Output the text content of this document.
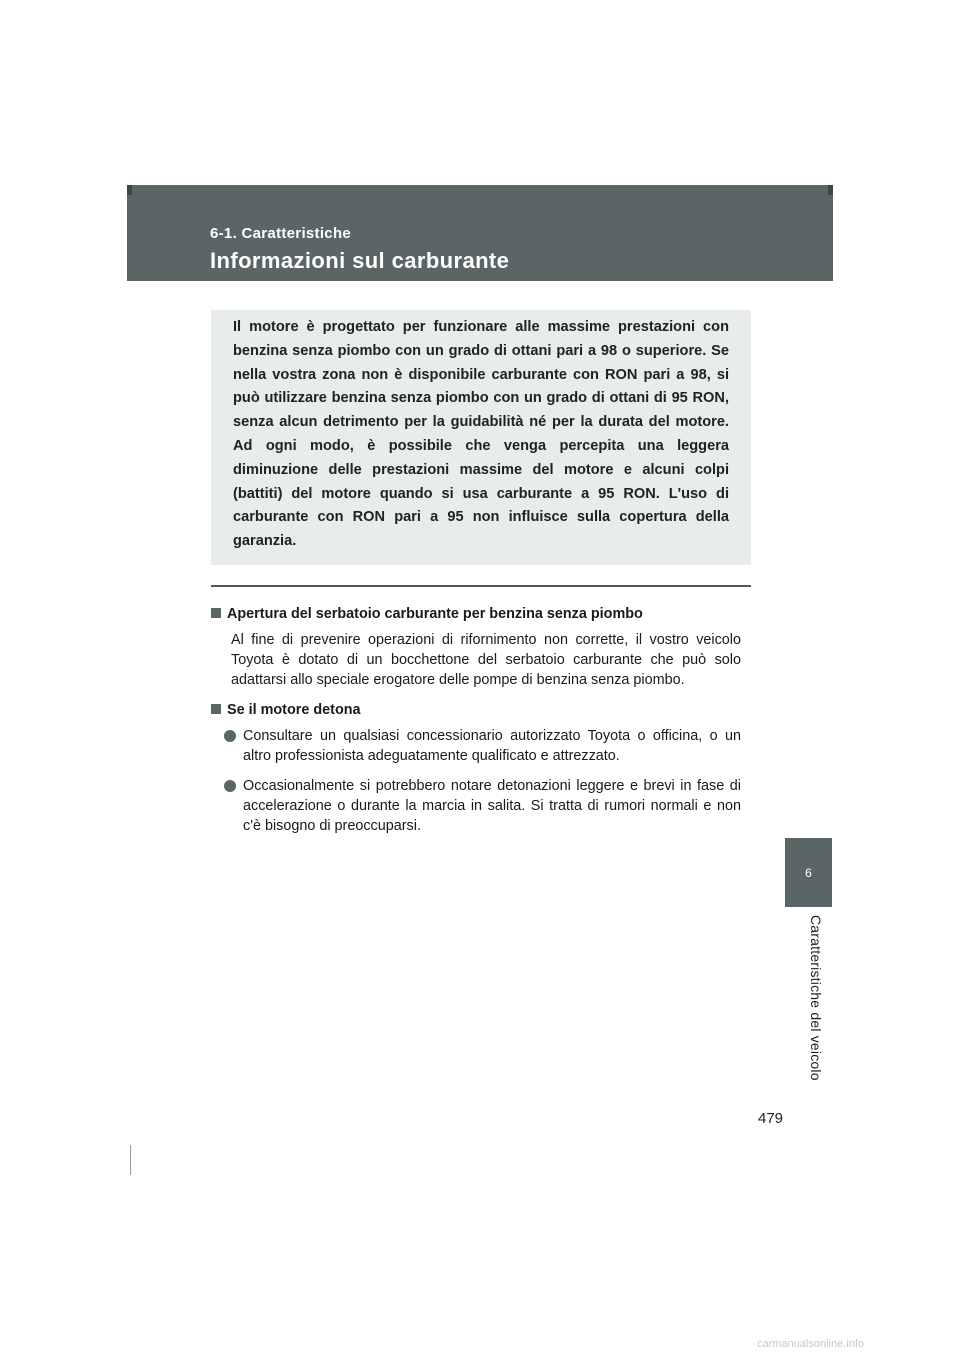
6-1. Caratteristiche
Informazioni sul carburante

Il motore è progettato per funzionare alle massime prestazioni con benzina senza piombo con un grado di ottani pari a 98 o superiore. Se nella vostra zona non è disponibile carburante con RON pari a 98, si può utilizzare benzina senza piombo con un grado di ottani di 95 RON, senza alcun detrimento per la guidabilità né per la durata del motore. Ad ogni modo, è possibile che venga percepita una leggera diminuzione delle prestazioni massime del motore e alcuni colpi (battiti) del motore quando si usa carburante a 95 RON. L'uso di carburante con RON pari a 95 non influisce sulla copertura della garanzia.

Apertura del serbatoio carburante per benzina senza piombo

Al fine di prevenire operazioni di rifornimento non corrette, il vostro veicolo Toyota è dotato di un bocchettone del serbatoio carburante che può solo adattarsi allo speciale erogatore delle pompe di benzina senza piombo.

Se il motore detona

Consultare un qualsiasi concessionario autorizzato Toyota o officina, o un altro professionista adeguatamente qualificato e attrezzato.
Occasionalmente si potrebbero notare detonazioni leggere e brevi in fase di accelerazione o durante la marcia in salita. Si tratta di rumori normali e non c'è bisogno di preoccuparsi.
6
Caratteristiche del veicolo
479
carmanualsonline.info
